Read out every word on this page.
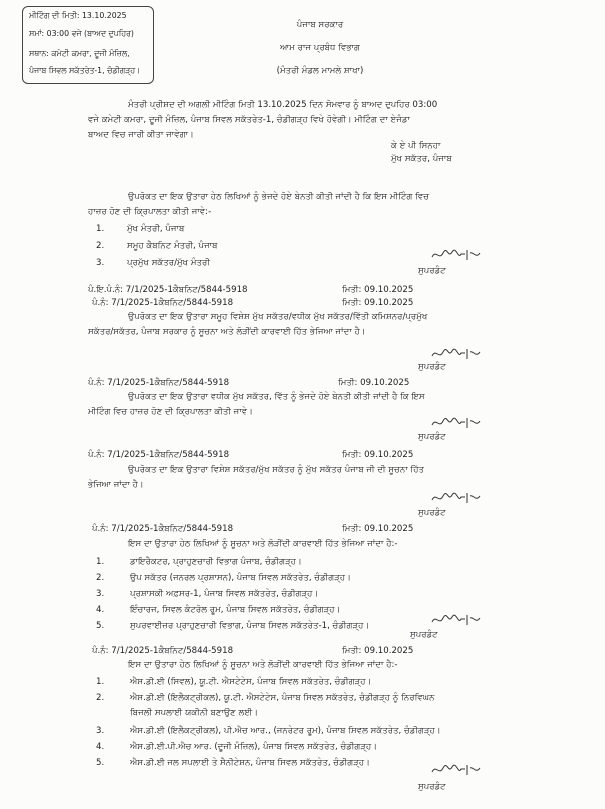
ਮੀਟਿੰਗ ਦੀ ਮਿਤੀ: 13.10.2025
ਸਮਾਂ: 03:00 ਵਜੇ (ਬਾਅਦ ਦੁਪਹਿਰ)
ਸਥਾਨ: ਕਮੇਟੀ ਕਮਰਾ, ਦੂਜੀ ਮੰਜ਼ਿਲ,
ਪੰਜਾਬ ਸਿਵਲ ਸਕੱਤਰੇਤ-1, ਚੰਡੀਗੜ੍ਹ।
ਪੰਜਾਬ ਸਰਕਾਰ
ਆਮ ਰਾਜ ਪ੍ਰਬੰਧ ਵਿਭਾਗ
(ਮੰਤਰੀ ਮੰਡਲ ਮਾਮਲੇ ਸ਼ਾਖਾ)
ਮੰਤਰੀ ਪ੍ਰੀਸ਼ਦ ਦੀ ਅਗਲੀ ਮੀਟਿੰਗ ਮਿਤੀ 13.10.2025 ਦਿਨ ਸੋਮਵਾਰ ਨੂੰ ਬਾਅਦ ਦੁਪਹਿਰ 03:00
ਵਜੇ ਕਮੇਟੀ ਕਮਰਾ, ਦੂਜੀ ਮੰਜ਼ਿਲ, ਪੰਜਾਬ ਸਿਵਲ ਸਕੱਤਰੇਤ-1, ਚੰਡੀਗੜ੍ਹ ਵਿਖੇ ਹੋਵੇਗੀ। ਮੀਟਿੰਗ ਦਾ ਏਜੰਡਾ
ਬਾਅਦ ਵਿਚ ਜਾਰੀ ਕੀਤਾ ਜਾਵੇਗਾ।
ਕੇ ਏ ਪੀ ਸਿਨਹਾ
ਮੁੱਖ ਸਕੱਤਰ, ਪੰਜਾਬ
ਉਪਰੋਕਤ ਦਾ ਇਕ ਉਤਾਰਾ ਹੇਠ ਲਿਖਿਆਂ ਨੂੰ ਭੇਜਦੇ ਹੋਏ ਬੇਨਤੀ ਕੀਤੀ ਜਾਂਦੀ ਹੈ ਕਿ ਇਸ ਮੀਟਿੰਗ ਵਿਚ
ਹਾਜ਼ਰ ਹੋਣ ਦੀ ਕ੍ਰਿਪਾਲਤਾ ਕੀਤੀ ਜਾਵੇ:-
1.	ਮੁੱਖ ਮੰਤਰੀ, ਪੰਜਾਬ
2.	ਸਮੂਹ ਕੈਬਨਿਟ ਮੰਤਰੀ, ਪੰਜਾਬ
3.	ਪ੍ਰਮੁੱਖ ਸਕੱਤਰ/ਮੁੱਖ ਮੰਤਰੀ
ਸੁਪਰਡੰਟ
ਪੰ.ਇ.ਪੰ.ਨੰ: 7/1/2025-1ਕੈਬਨਿਟ/5844-5918	ਮਿਤੀ: 09.10.2025
ਪੰ.ਨੰ: 7/1/2025-1ਕੈਬਨਿਟ/5844-5918	ਮਿਤੀ: 09.10.2025
ਉਪਰੋਕਤ ਦਾ ਇਕ ਉਤਾਰਾ ਸਮੂਹ ਵਿਸ਼ੇਸ਼ ਮੁੱਖ ਸਕੱਤਰ/ਵਧੀਕ ਮੁੱਖ ਸਕੱਤਰ/ਵਿੱਤੀ ਕਮਿਸ਼ਨਰ/ਪ੍ਰਮੁੱਖ
ਸਕੱਤਰ/ਸਕੱਤਰ, ਪੰਜਾਬ ਸਰਕਾਰ ਨੂੰ ਸੂਚਨਾ ਅਤੇ ਲੋੜੀਂਦੀ ਕਾਰਵਾਈ ਹਿੱਤ ਭੇਜਿਆ ਜਾਂਦਾ ਹੈ।
ਸੁਪਰਡੰਟ
ਪੰ.ਨੰ: 7/1/2025-1ਕੈਬਨਿਟ/5844-5918	ਮਿਤੀ: 09.10.2025
ਉਪਰੋਕਤ ਦਾ ਇਕ ਉਤਾਰਾ ਵਧੀਕ ਮੁੱਖ ਸਕੱਤਰ, ਵਿੱਤ ਨੂੰ ਭੇਜਦੇ ਹੋਏ ਬੇਨਤੀ ਕੀਤੀ ਜਾਂਦੀ ਹੈ ਕਿ ਇਸ
ਮੀਟਿੰਗ ਵਿਚ ਹਾਜ਼ਰ ਹੋਣ ਦੀ ਕ੍ਰਿਪਾਲਤਾ ਕੀਤੀ ਜਾਵੇ।
ਸੁਪਰਡੰਟ
ਪੰ.ਨੰ: 7/1/2025-1ਕੈਬਨਿਟ/5844-5918	ਮਿਤੀ: 09.10.2025
ਉਪਰੋਕਤ ਦਾ ਇਕ ਉਤਾਰਾ ਵਿਸ਼ੇਸ਼ ਸਕੱਤਰ/ਮੁੱਖ ਸਕੱਤਰ ਨੂੰ ਮੁੱਖ ਸਕੱਤਰ ਪੰਜਾਬ ਜੀ ਦੀ ਸੂਚਨਾ ਹਿੱਤ
ਭੇਜਿਆ ਜਾਂਦਾ ਹੈ।
ਸੁਪਰਡੰਟ
ਪੰ.ਨੰ: 7/1/2025-1ਕੈਬਨਿਟ/5844-5918	ਮਿਤੀ: 09.10.2025
ਇਸ ਦਾ ਉਤਾਰਾ ਹੇਠ ਲਿਖਿਆਂ ਨੂੰ ਸੂਚਨਾ ਅਤੇ ਲੋੜੀਂਦੀ ਕਾਰਵਾਈ ਹਿੱਤ ਭੇਜਿਆ ਜਾਂਦਾ ਹੈ:-
1.	ਡਾਇਰੈਕਟਰ, ਪ੍ਰਾਹੁਣਚਾਰੀ ਵਿਭਾਗ ਪੰਜਾਬ, ਚੰਡੀਗੜ੍ਹ।
2.	ਉਪ ਸਕੱਤਰ (ਜਨਰਲ ਪ੍ਰਸ਼ਾਸਨ), ਪੰਜਾਬ ਸਿਵਲ ਸਕੱਤਰੇਤ, ਚੰਡੀਗੜ੍ਹ।
3.	ਪ੍ਰਸ਼ਾਸਕੀ ਅਫ਼ਸਰ-1, ਪੰਜਾਬ ਸਿਵਲ ਸਕੱਤਰੇਤ, ਚੰਡੀਗੜ੍ਹ।
4.	ਇੰਚਾਰਜ, ਸਿਵਲ ਕੰਟਰੋਲ ਰੂਮ, ਪੰਜਾਬ ਸਿਵਲ ਸਕੱਤਰੇਤ, ਚੰਡੀਗੜ੍ਹ।
5.	ਸੁਪਰਵਾਈਜ਼ਰ ਪ੍ਰਾਹੁਣਚਾਰੀ ਵਿਭਾਗ, ਪੰਜਾਬ ਸਿਵਲ ਸਕੱਤਰੇਤ-1, ਚੰਡੀਗੜ੍ਹ।
ਸੁਪਰਡੰਟ
ਪੰ.ਨੰ: 7/1/2025-1ਕੈਬਨਿਟ/5844-5918	ਮਿਤੀ: 09.10.2025
ਇਸ ਦਾ ਉਤਾਰਾ ਹੇਠ ਲਿਖਿਆਂ ਨੂੰ ਸੂਚਨਾ ਅਤੇ ਲੋੜੀਂਦੀ ਕਾਰਵਾਈ ਹਿੱਤ ਭੇਜਿਆ ਜਾਂਦਾ ਹੈ:-
1.	ਐਸ.ਡੀ.ਈ (ਸਿਵਲ), ਯੂ.ਟੀ. ਐਸਟੇਟੇਸ, ਪੰਜਾਬ ਸਿਵਲ ਸਕੱਤਰੇਤ, ਚੰਡੀਗੜ੍ਹ।
2.	ਐਸ.ਡੀ.ਈ (ਇਲੈਕਟ੍ਰੀਕਲ), ਯੂ.ਟੀ. ਐਸਟੇਟੇਸ, ਪੰਜਾਬ ਸਿਵਲ ਸਕੱਤਰੇਤ, ਚੰਡੀਗੜ੍ਹ ਨੂੰ ਨਿਰਵਿਘਨ
ਬਿਜਲੀ ਸਪਲਾਈ ਯਕੀਨੀ ਬਣਾਉਣ ਲਈ।
3.	ਐਸ.ਡੀ.ਈ (ਇਲੈਕਟ੍ਰੀਕਲ), ਪੀ.ਐਚ ਆਰ., (ਜਨਰੇਟਰ ਰੂਮ), ਪੰਜਾਬ ਸਿਵਲ ਸਕੱਤਰੇਤ, ਚੰਡੀਗੜ੍ਹ।
4.	ਐਸ.ਡੀ.ਈ.ਪੀ.ਐਚ ਆਰ. (ਦੂਜੀ ਮੰਜ਼ਿਲ), ਪੰਜਾਬ ਸਿਵਲ ਸਕੱਤਰੇਤ, ਚੰਡੀਗੜ੍ਹ।
5.	ਐਸ.ਡੀ.ਈ ਜਲ ਸਪਲਾਈ ਤੇ ਸੈਨੀਟੇਸ਼ਨ, ਪੰਜਾਬ ਸਿਵਲ ਸਕੱਤਰੇਤ, ਚੰਡੀਗੜ੍ਹ।
ਸੁਪਰਡੰਟ
